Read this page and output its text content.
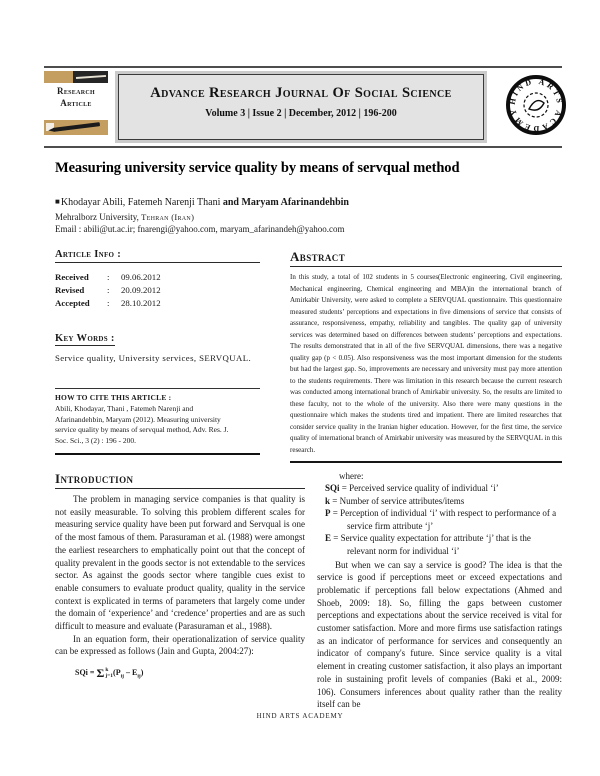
Research
Article
Advance Research Journal Of Social Science
Volume 3 | Issue 2 | December, 2012 | 196-200
HIND ARTS ACADEMY
Measuring university service quality by means of servqual method
■Khodayar Abili, Fatemeh Narenji Thani and Maryam Afarinandehbin
Mehralborz University, Tehran (Iran)
Email : abili@ut.ac.ir; fnarengi@yahoo.com, maryam_afarinandeh@yahoo.com
Article Info :
Received	:	09.06.2012
Revised	:	20.09.2012
Accepted	:	28.10.2012
Key Words :
Service quality, University services, SERVQUAL.
HOW TO CITE THIS ARTICLE :
Abili, Khodayar, Thani , Fatemeh Narenji and Afarinandehbin, Maryam (2012). Measuring university service quality by means of servqual method, Adv. Res. J. Soc. Sci., 3 (2) : 196 - 200.
Abstract
In this study, a total of 102 students in 5 courses(Electronic engineering, Civil engineering, Mechanical engineering, Chemical engineering and MBA)in the international branch of Amirkabir University, were asked to complete a SERVQUAL questionnaire. This questionnaire measured students’ perceptions and expectations in five dimensions of service that consists of assurance, responsiveness, empathy, reliability and tangibles. The quality gap of university services was determined based on differences between students’ perceptions and expectations. The results demonstrated that in all of the five SERVQUAL dimensions, there was a negative quality gap (p < 0.05). Also responsiveness was the most important dimension for the students but had the largest gap. So, improvements are necessary and university must pay more attention to the students requirements. There was limitation in this research because the current research was conducted among international branch of Amirkabir university. So, the results are limited to these faculty, not to the whole of the university. Also there were many questions in the questionnaire which makes the students tired and impatient. There are limited researches that consider service quality in the Iranian higher education. However, for the first time, the service quality of international branch of Amirkabir university was measured by the SERVQUAL in this research.
Introduction

The problem in managing service companies is that quality is not easily measurable. To solving this problem different scales for measuring service quality have been put forward and Servqual is one of the most famous of them. Parasuraman et al. (1988) were amongst the earliest researchers to emphatically point out that the concept of quality prevalent in the goods sector is not extendable to the services sector. As against the goods sector where tangible cues exist to enable consumers to evaluate product quality, quality in the service context is explicated in terms of parameters that largely come under the domain of ‘experience’ and ‘credence’ properties and are as such difficult to measure and evaluate (Parasuraman et al., 1988).

In an equation form, their operationalization of service quality can be expressed as follows (Jain and Gupta, 2004:27):

SQi = Σ k
j=1 $(P_{ij} - E_{ij})$
where:
SQi = Perceived service quality of individual ‘i’
k = Number of service attributes/items
P = Perception of individual ‘i’ with respect to performance of a service firm attribute ‘j’
E = Service quality expectation for attribute ‘j’ that is the relevant norm for individual ‘i’

But when we can say a service is good? The idea is that the service is good if perceptions meet or exceed expectations and problematic if perceptions fall below expectations (Ahmed and Shoeb, 2009: 18). So, filling the gaps between customer perceptions and expectations about the service received is vital for customer satisfaction. More and more firms use satisfaction ratings as an indicator of performance for services and consequently an indicator of company's future. Since service quality is a vital element in creating customer satisfaction, it also plays an important role in sustaining profit levels of companies (Baki et al., 2009: 106). Consumers inferences about quality rather than the reality itself can be

HIND ARTS ACADEMY
